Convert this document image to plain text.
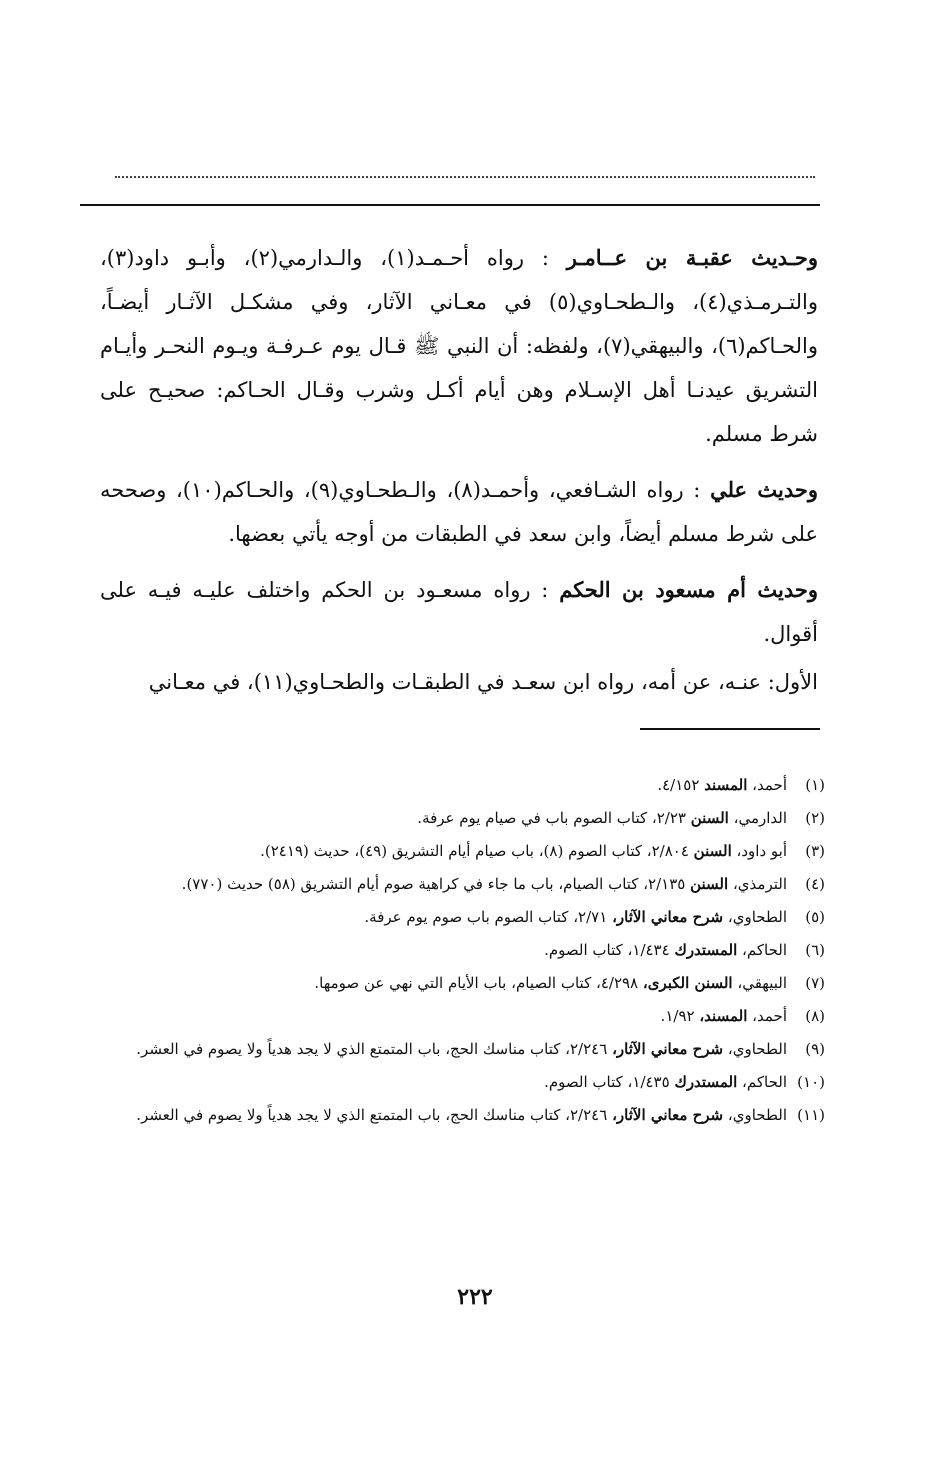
وحـديث عقبـة بن عــامـر : رواه أحـمـد(١)، والـدارمي(٢)، وأبـو داود(٣)، والتـرمـذي(٤)، والـطحـاوي(٥) في معـاني الآثار، وفي مشكـل الآثـار أيضـاً، والحـاكم(٦)، والبيهقي(٧)، ولفظه: أن النبي ﷺ قـال يوم عـرفـة ويـوم النحـر وأيـام التشريق عيدنـا أهل الإسـلام وهن أيام أكـل وشرب وقـال الحـاكم: صحيـح على شرط مسلم.

وحديث علي : رواه الشـافعي، وأحمـد(٨)، والـطحـاوي(٩)، والحـاكم(١٠)، وصححه على شرط مسلم أيضاً، وابن سعد في الطبقات من أوجه يأتي بعضها.

وحديث أم مسعود بن الحكم : رواه مسعـود بن الحكم واختلف عليـه فيـه على أقوال.

الأول: عنـه، عن أمه، رواه ابن سعـد في الطبقـات والطحـاوي(١١)، في معـاني

(١)
أحمد، المسند ٤/١٥٢.
(٢)
الدارمي، السنن ٢/٢٣، كتاب الصوم باب في صيام يوم عرفة.
(٣)
أبو داود، السنن ٢/٨٠٤، كتاب الصوم (٨)، باب صيام أيام التشريق (٤٩)، حديث (٢٤١٩).
(٤)
الترمذي، السنن ٢/١٣٥، كتاب الصيام، باب ما جاء في كراهية صوم أيام التشريق (٥٨) حديث (٧٧٠).
(٥)
الطحاوي، شرح معاني الآثار، ٢/٧١، كتاب الصوم باب صوم يوم عرفة.
(٦)
الحاكم، المستدرك ١/٤٣٤، كتاب الصوم.
(٧)
البيهقي، السنن الكبرى، ٤/٢٩٨، كتاب الصيام، باب الأيام التي نهي عن صومها.
(٨)
أحمد، المسند، ١/٩٢.
(٩)
الطحاوي، شرح معاني الآثار، ٢/٢٤٦، كتاب مناسك الحج، باب المتمتع الذي لا يجد هدياً ولا يصوم في العشر.
(١٠)
الحاكم، المستدرك ١/٤٣٥، كتاب الصوم.
(١١)
الطحاوي، شرح معاني الآثار، ٢/٢٤٦، كتاب مناسك الحج، باب المتمتع الذي لا يجد هدياً ولا يصوم في العشر.
٢٢٢
